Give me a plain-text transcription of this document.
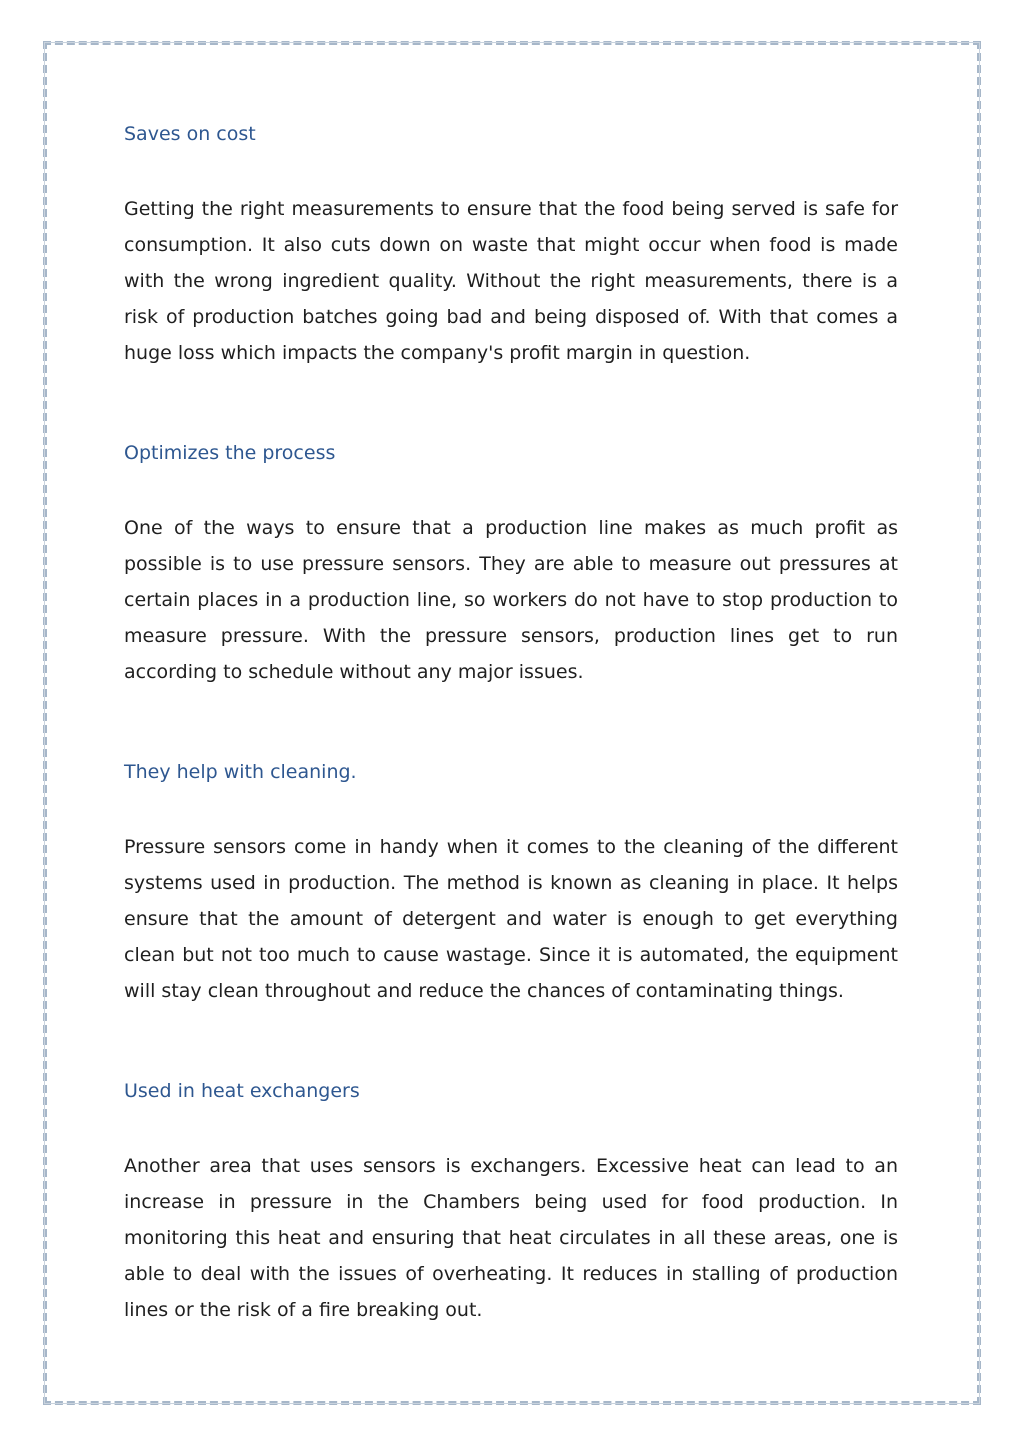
Saves on cost

Getting the right measurements to ensure that the food being served is safe for consumption. It also cuts down on waste that might occur when food is made with the wrong ingredient quality. Without the right measurements, there is a risk of production batches going bad and being disposed of. With that comes a huge loss which impacts the company's profit margin in question.

Optimizes the process

One of the ways to ensure that a production line makes as much profit as possible is to use pressure sensors. They are able to measure out pressures at certain places in a production line, so workers do not have to stop production to measure pressure. With the pressure sensors, production lines get to run according to schedule without any major issues.

They help with cleaning.

Pressure sensors come in handy when it comes to the cleaning of the different systems used in production. The method is known as cleaning in place. It helps ensure that the amount of detergent and water is enough to get everything clean but not too much to cause wastage. Since it is automated, the equipment will stay clean throughout and reduce the chances of contaminating things.

Used in heat exchangers

Another area that uses sensors is exchangers. Excessive heat can lead to an increase in pressure in the Chambers being used for food production. In monitoring this heat and ensuring that heat circulates in all these areas, one is able to deal with the issues of overheating. It reduces in stalling of production lines or the risk of a fire breaking out.
